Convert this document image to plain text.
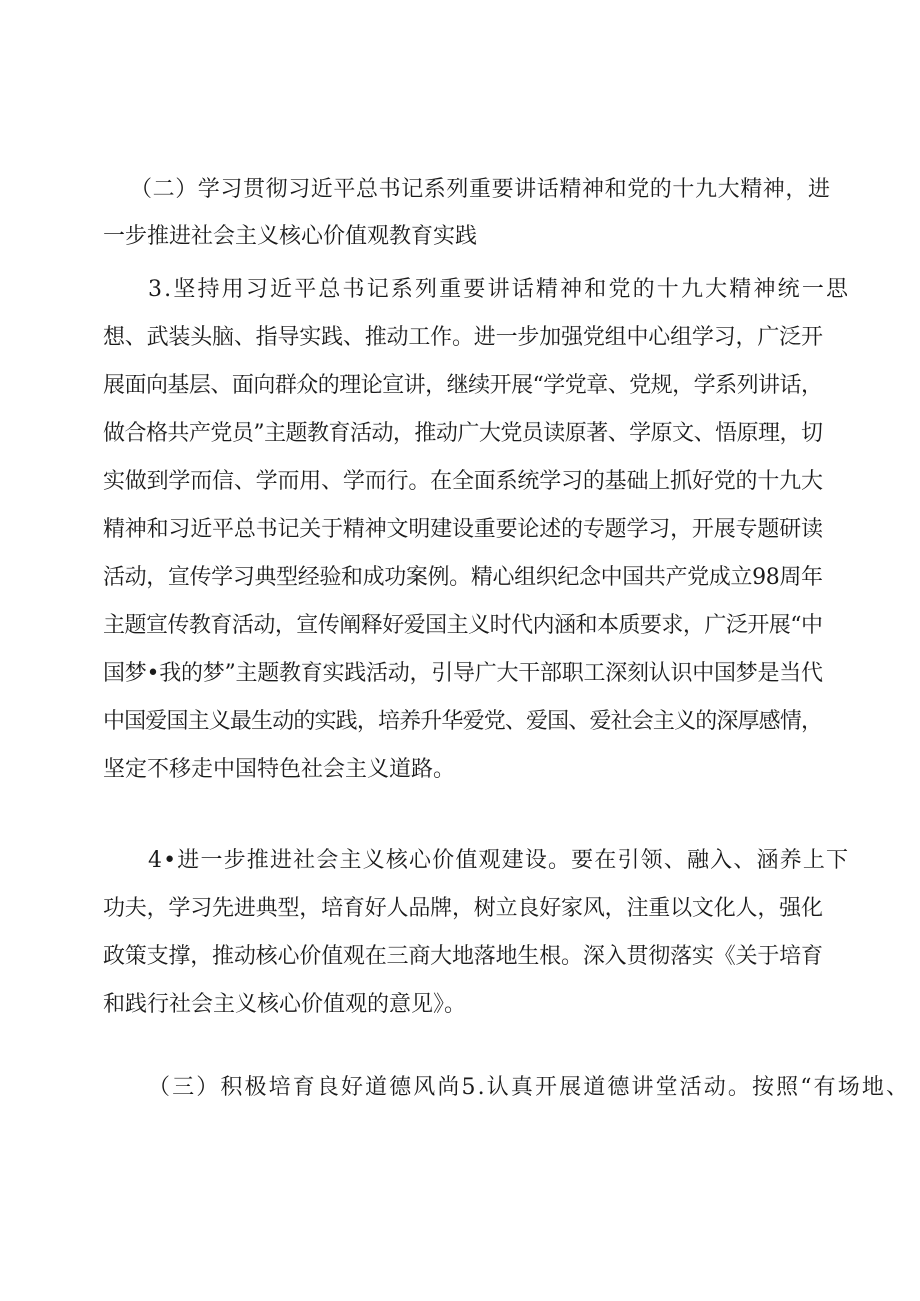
（二）学习贯彻习近平总书记系列重要讲话精神和党的十九大精神，进
一步推进社会主义核心价值观教育实践
3.坚持用习近平总书记系列重要讲话精神和党的十九大精神统一思
想、武装头脑、指导实践、推动工作。进一步加强党组中心组学习，广泛开
展面向基层、面向群众的理论宣讲，继续开展“学党章、党规，学系列讲话，
做合格共产党员”主题教育活动，推动广大党员读原著、学原文、悟原理，切
实做到学而信、学而用、学而行。在全面系统学习的基础上抓好党的十九大
精神和习近平总书记关于精神文明建设重要论述的专题学习，开展专题研读
活动，宣传学习典型经验和成功案例。精心组织纪念中国共产党成立98周年
主题宣传教育活动，宣传阐释好爱国主义时代内涵和本质要求，广泛开展“中
国梦•我的梦”主题教育实践活动，引导广大干部职工深刻认识中国梦是当代
中国爱国主义最生动的实践，培养升华爱党、爱国、爱社会主义的深厚感情，
坚定不移走中国特色社会主义道路。
4•进一步推进社会主义核心价值观建设。要在引领、融入、涵养上下
功夫，学习先进典型，培育好人品牌，树立良好家风，注重以文化人，强化
政策支撑，推动核心价值观在三商大地落地生根。深入贯彻落实《关于培育
和践行社会主义核心价值观的意见》。
（三）积极培育良好道德风尚5.认真开展道德讲堂活动。按照“有场地、
